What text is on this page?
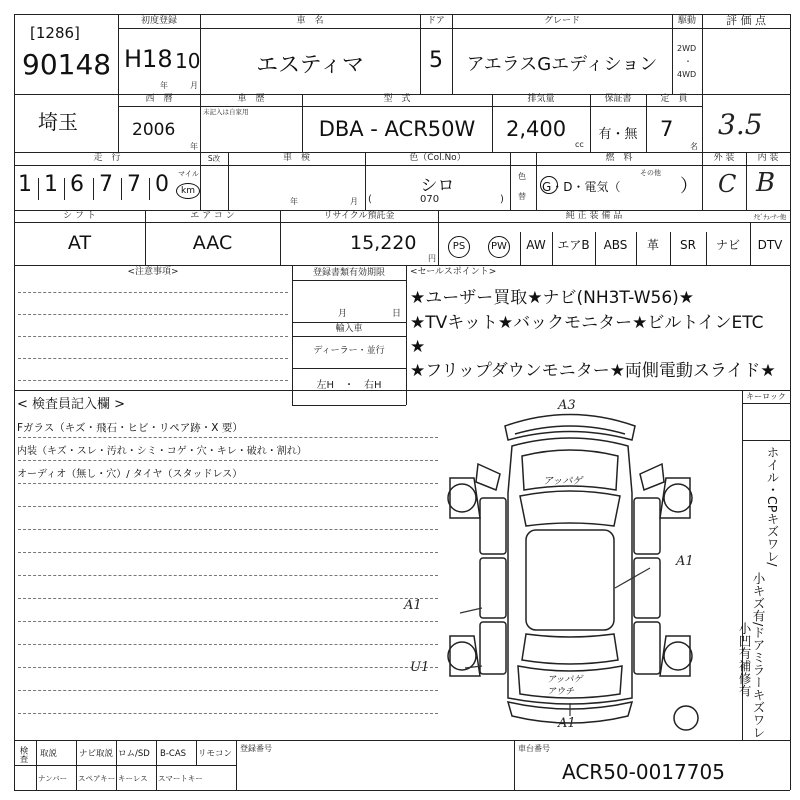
[1286]
90148
初度登録
H18 10
年	月
車　名
エスティマ
ドア
5
グレード
アエラスGエディション
駆動
2WD
・
4WD
評 価 点
埼玉
西　暦
2006
年
車　歴
未記入は自家用
型　式
DBA - ACR50W
排気量
2,400
cc
保証書
有・無
定　員
7
名
3.5
走　行
1 1 6 7 7 0 マイル
km
S改	車　検
年	月
色（Col.No）
シロ
(	070	)
色
替
燃　料
G・D・電気（
その他
）
外 装	内 装
C B
シ フ ト
AT
エ ア コ ン
AAC
リサイクル預託金
15,220
円
純 正 装 備 品	ﾅﾋﾞﾁｭｰﾅｰ他
PS	PW	AW エアB	ABS	革	SR	ナビ	DTV
<注意事項>	登録書類有効期限
月	日
輸入車
ディーラー・並行
左H　・　右H
<セールスポイント>
★ユーザー買取★ナビ(NH3T-W56)★
★TVキット★バックモニター★ビルトインETC
★
★フリップダウンモニター★両側電動スライド★
< 検査員記入欄 >
Fガラス（キズ・飛石・ヒビ・リペア跡・X 要）
内装（キズ・スレ・汚れ・シミ・コゲ・穴・キレ・破れ・割れ）
オーディオ（無し・穴）/ タイヤ（スタッドレス）
キーロック
ホイル・CPキズワレ/
小キズ有/ドアミラーキズワレ
小凹有補修有
A3
アッパゲ
A1
A1
U1
アッパゲ
アウチ
A1
検査 取説	ナビ取説 ロム/SD B-CAS リモコン
ナンバー スペアキー キーレス スマートキー
登録番号	車台番号
ACR50-0017705
